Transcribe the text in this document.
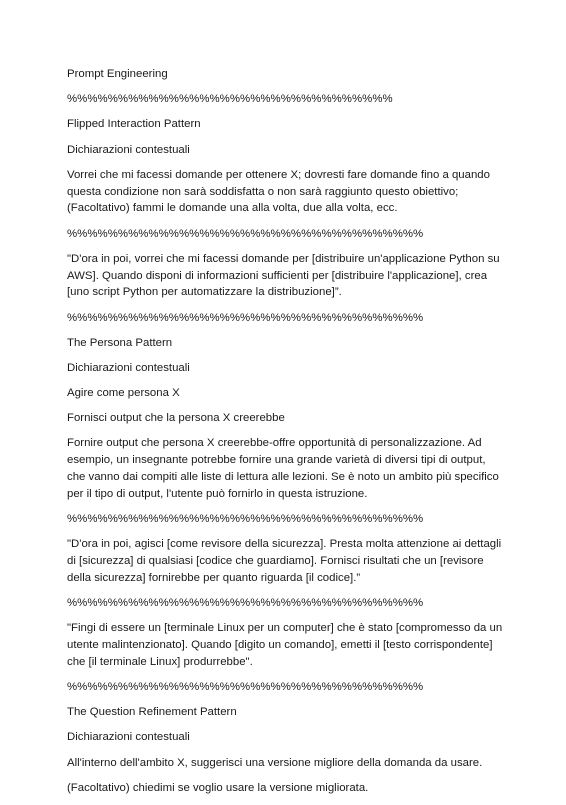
Prompt Engineering

%%%%%%%%%%%%%%%%%%%%%%%%%%%%%%%%

Flipped Interaction Pattern

Dichiarazioni contestuali

Vorrei che mi facessi domande per ottenere X; dovresti fare domande fino a quando questa condizione non sarà soddisfatta o non sarà raggiunto questo obiettivo; (Facoltativo) fammi le domande una alla volta, due alla volta, ecc.

%%%%%%%%%%%%%%%%%%%%%%%%%%%%%%%%%%%

"D'ora in poi, vorrei che mi facessi domande per [distribuire un'applicazione Python su AWS]. Quando disponi di informazioni sufficienti per [distribuire l'applicazione], crea [uno script Python per automatizzare la distribuzione]”.

%%%%%%%%%%%%%%%%%%%%%%%%%%%%%%%%%%%

The Persona Pattern

Dichiarazioni contestuali

Agire come persona X

Fornisci output che la persona X creerebbe

Fornire output che persona X creerebbe-offre opportunità di personalizzazione. Ad esempio, un insegnante potrebbe fornire una grande varietà di diversi tipi di output, che vanno dai compiti alle liste di lettura alle lezioni. Se è noto un ambito più specifico per il tipo di output, l'utente può fornirlo in questa istruzione.

%%%%%%%%%%%%%%%%%%%%%%%%%%%%%%%%%%%

"D'ora in poi, agisci [come revisore della sicurezza]. Presta molta attenzione ai dettagli di [sicurezza] di qualsiasi [codice che guardiamo]. Fornisci risultati che un [revisore della sicurezza] fornirebbe per quanto riguarda [il codice].”

%%%%%%%%%%%%%%%%%%%%%%%%%%%%%%%%%%%

"Fingi di essere un [terminale Linux per un computer] che è stato [compromesso da un utente malintenzionato]. Quando [digito un comando], emetti il [testo corrispondente] che [il terminale Linux] produrrebbe".

%%%%%%%%%%%%%%%%%%%%%%%%%%%%%%%%%%%

The Question Refinement Pattern

Dichiarazioni contestuali

All'interno dell'ambito X, suggerisci una versione migliore della domanda da usare.

(Facoltativo) chiedimi se voglio usare la versione migliorata.
